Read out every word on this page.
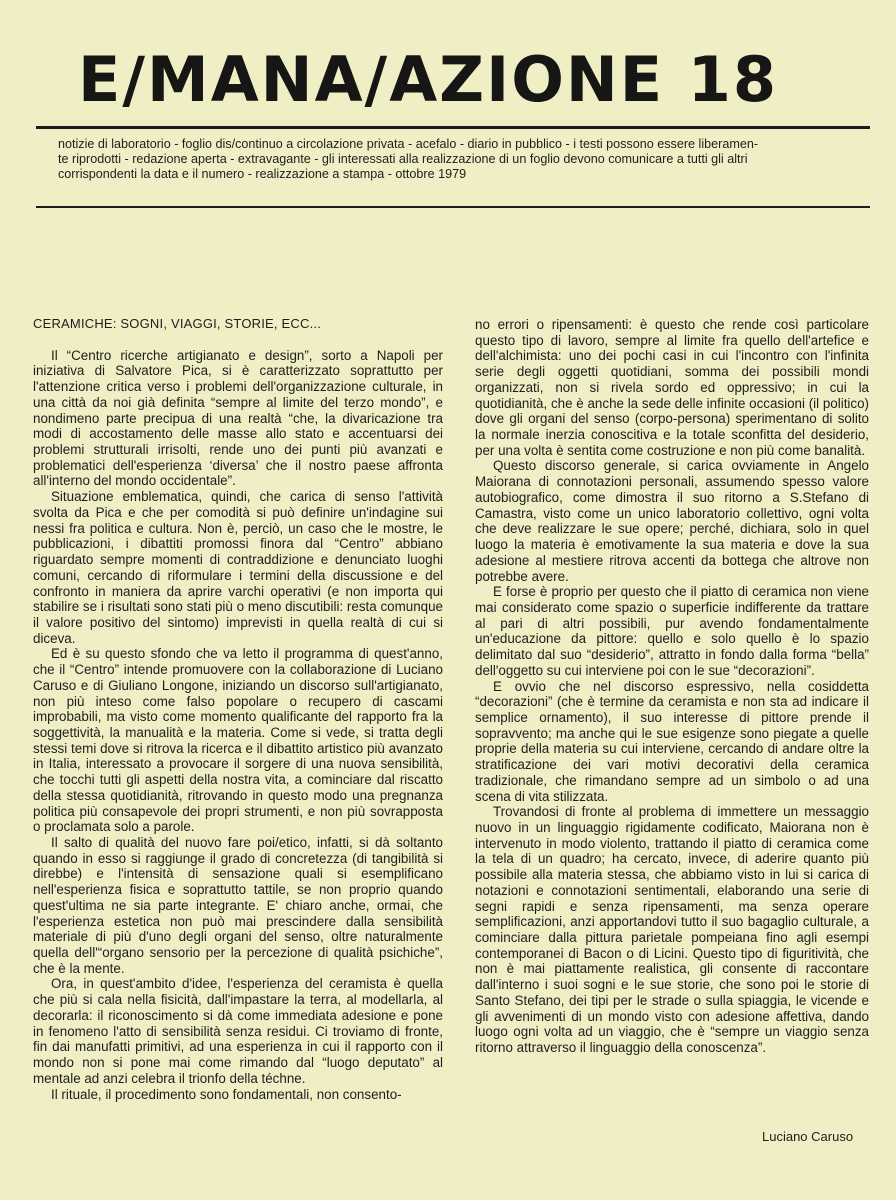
E/MANA/AZIONE 18
notizie di laboratorio - foglio dis/continuo a circolazione privata - acefalo - diario in pubblico - i testi possono essere liberamen-
te riprodotti - redazione aperta - extravagante - gli interessati alla realizzazione di un foglio devono comunicare a tutti gli altri
corrispondenti la data e il numero - realizzazione a stampa - ottobre 1979

CERAMICHE: SOGNI, VIAGGI, STORIE, ECC...

Il “Centro ricerche artigianato e design”, sorto a Napoli per iniziativa di Salvatore Pica, si è caratterizzato soprattutto per l'attenzione critica verso i problemi dell'organizzazione culturale, in una città da noi già definita “sempre al limite del terzo mondo”, e nondimeno parte precipua di una realtà “che, la divaricazione tra modi di accostamento delle masse allo stato e accentuarsi dei problemi strutturali irrisolti, rende uno dei punti più avanzati e problematici dell'esperienza ‘diversa’ che il nostro paese affronta all'interno del mondo occidentale”.

Situazione emblematica, quindi, che carica di senso l'attività svolta da Pica e che per comodità si può definire un'indagine sui nessi fra politica e cultura. Non è, perciò, un caso che le mostre, le pubblicazioni, i dibattiti promossi finora dal “Centro” abbiano riguardato sempre momenti di contraddizione e denunciato luoghi comuni, cercando di riformulare i termini della discussione e del confronto in maniera da aprire varchi operativi (e non importa qui stabilire se i risultati sono stati più o meno discutibili: resta comunque il valore positivo del sintomo) imprevisti in quella realtà di cui si diceva.

Ed è su questo sfondo che va letto il programma di quest'anno, che il “Centro” intende promuovere con la collaborazione di Luciano Caruso e di Giuliano Longone, iniziando un discorso sull'artigianato, non più inteso come falso popolare o recupero di cascami improbabili, ma visto come momento qualificante del rapporto fra la soggettività, la manualità e la materia. Come si vede, si tratta degli stessi temi dove si ritrova la ricerca e il dibattito artistico più avanzato in Italia, interessato a provocare il sorgere di una nuova sensibilità, che tocchi tutti gli aspetti della nostra vita, a cominciare dal riscatto della stessa quotidianità, ritrovando in questo modo una pregnanza politica più consapevole dei propri strumenti, e non più sovrapposta o proclamata solo a parole.

Il salto di qualità del nuovo fare poi/etico, infatti, si dà soltanto quando in esso si raggiunge il grado di concretezza (di tangibilità si direbbe) e l'intensità di sensazione quali si esemplificano nell'esperienza fisica e soprattutto tattile, se non proprio quando quest'ultima ne sia parte integrante. E' chiaro anche, ormai, che l'esperienza estetica non può mai prescindere dalla sensibilità materiale di più d'uno degli organi del senso, oltre naturalmente quella dell'“organo sensorio per la percezione di qualità psichiche”, che è la mente.

Ora, in quest'ambito d'idee, l'esperienza del ceramista è quella che più si cala nella fisicità, dall'impastare la terra, al modellarla, al decorarla: il riconoscimento si dà come immediata adesione e pone in fenomeno l'atto di sensibilità senza residui. Ci troviamo di fronte, fin dai manufatti primitivi, ad una esperienza in cui il rapporto con il mondo non si pone mai come rimando dal “luogo deputato” al mentale ad anzi celebra il trionfo della téchne.

Il rituale, il procedimento sono fondamentali, non consento-

no errori o ripensamenti: è questo che rende così particolare questo tipo di lavoro, sempre al limite fra quello dell'artefice e dell'alchimista: uno dei pochi casi in cui l'incontro con l'infinita serie degli oggetti quotidiani, somma dei possibili mondi organizzati, non si rivela sordo ed oppressivo; in cui la quotidianità, che è anche la sede delle infinite occasioni (il politico) dove gli organi del senso (corpo-persona) sperimentano di solito la normale inerzia conoscitiva e la totale sconfitta del desiderio, per una volta è sentita come costruzione e non più come banalità.

Questo discorso generale, si carica ovviamente in Angelo Maiorana di connotazioni personali, assumendo spesso valore autobiografico, come dimostra il suo ritorno a S.Stefano di Camastra, visto come un unico laboratorio collettivo, ogni volta che deve realizzare le sue opere; perché, dichiara, solo in quel luogo la materia è emotivamente la sua materia e dove la sua adesione al mestiere ritrova accenti da bottega che altrove non potrebbe avere.

E forse è proprio per questo che il piatto di ceramica non viene mai considerato come spazio o superficie indifferente da trattare al pari di altri possibili, pur avendo fondamentalmente un'educazione da pittore: quello e solo quello è lo spazio delimitato dal suo “desiderio”, attratto in fondo dalla forma “bella” dell'oggetto su cui interviene poi con le sue “decorazioni”.

E ovvio che nel discorso espressivo, nella cosiddetta “decorazioni” (che è termine da ceramista e non sta ad indicare il semplice ornamento), il suo interesse di pittore prende il sopravvento; ma anche qui le sue esigenze sono piegate a quelle proprie della materia su cui interviene, cercando di andare oltre la stratificazione dei vari motivi decorativi della ceramica tradizionale, che rimandano sempre ad un simbolo o ad una scena di vita stilizzata.

Trovandosi di fronte al problema di immettere un messaggio nuovo in un linguaggio rigidamente codificato, Maiorana non è intervenuto in modo violento, trattando il piatto di ceramica come la tela di un quadro; ha cercato, invece, di aderire quanto più possibile alla materia stessa, che abbiamo visto in lui si carica di notazioni e connotazioni sentimentali, elaborando una serie di segni rapidi e senza ripensamenti, ma senza operare semplificazioni, anzi apportandovi tutto il suo bagaglio culturale, a cominciare dalla pittura parietale pompeiana fino agli esempi contemporanei di Bacon o di Licini. Questo tipo di figuritività, che non è mai piattamente realistica, gli consente di raccontare dall'interno i suoi sogni e le sue storie, che sono poi le storie di Santo Stefano, dei tipi per le strade o sulla spiaggia, le vicende e gli avvenimenti di un mondo visto con adesione affettiva, dando luogo ogni volta ad un viaggio, che è “sempre un viaggio senza ritorno attraverso il linguaggio della conoscenza”.

Luciano Caruso
